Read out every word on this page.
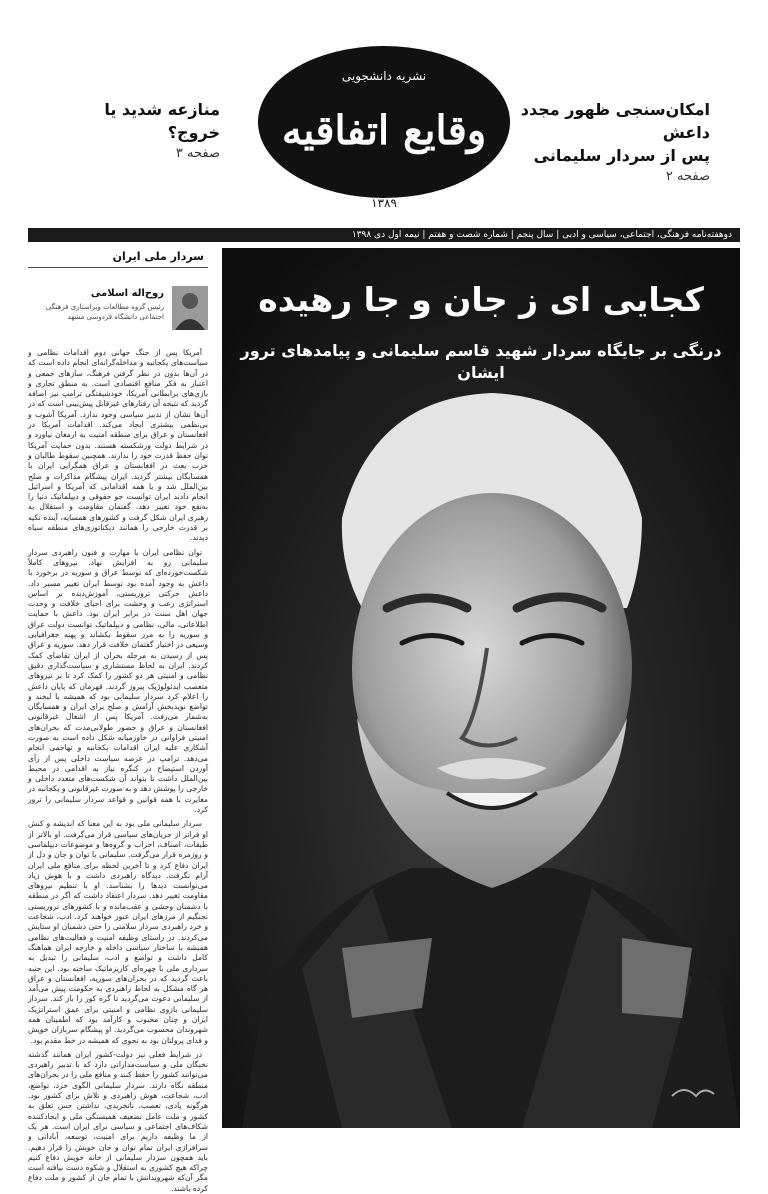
منازعه شدید یا خروج؟
صفحه ۳
نشریه دانشجویی
وقایع اتفاقیه
۱۳۸۹
امکان‌سنجی ظهور مجدد داعش
پس از سردار سلیمانی
صفحه ۲
دوهفته‌نامه فرهنگی، اجتماعی، سیاسی و ادبی | سال پنجم | شماره شصت و هفتم | نیمه اول دی ۱۳۹۸
سردار ملی ایران
روح‌اله اسلامی
رئیس گروه مطالعات ویراستاری فرهنگی اجتماعی دانشگاه فردوسی مشهد

آمریکا پس از جنگ جهانی دوم اقدامات نظامی و سیاست‌های یکجانبه و مداخله‌گرانه‌ای انجام داده است که در آن‌ها بدون در نظر گرفتن فرهنگ، سازهای جمعی و اعتبار به فکر منافع اقتصادی است. به منطق تجاری و بازی‌های برابطانی آمریکا، خودشیفتگی ترامپ نیز اضافه گردید که نتیجه آن رفتارهای غیرقابل پیش‌بینی است که در آن‌ها نشان از تدبیر سیاسی وجود ندارد. آمریکا آشوب و بی‌نظمی بیشتری ایجاد می‌کند. اقدامات آمریکا در افغانستان و عراق برای منطقه امنیت به ارمغان نیاورد و در شرایط دولت ورشکسته هستند. بدون حمایت آمریکا توان حفظ قدرت خود را ندارند. همچنین سقوط طالبان و حزب بعث در افغانستان و عراق همگرایی ایران با همسایگان بیشتر گردید. ایران پیشگام مذاکرات و صلح بین‌الملل شد و با همه اقداماتی که آمریکا و اسرائیل انجام دادند ایران توانست جو حقوقی و دیپلماتیک دنیا را به‌نفع خود تغییر دهد. گفتمان مقاومت و استقلال به رهبری ایران شکل گرفت و کشورهای همسایه، آینده تکیه بر قدرت خارجی را همانند دیکتاتوری‌های منطقه سیاه دیدند.

توان نظامی ایران با مهارت و فنون راهبردی سردار سلیمانی رو به افزایش نهاد. نیروهای کاملاً شکست‌خورده‌ای که توسط عراق و سوریه در برخورد با داعش به وجود آمده بود توسط ایران تغییر مسیر داد. داعش حرکتی تروریستی، آموزش‌دیده بر اساس استراتژی رعب و وحشت برای احیای خلافت و وحدت جهان اهل سنت در برابر ایران بود. داعش با حمایت اطلاعاتی، مالی، نظامی و دیپلماتیک توانست دولت عراق و سوریه را به مرز سقوط بکشاند و پهنه جغرافیایی وسیعی در اختیار گفتمان خلافت قرار دهد. سوریه و عراق پس از رسیدن به مرحله بحران از ایران تقاضای کمک کردند. ایران به لحاظ مستشاری و سیاست‌گذاری دقیق نظامی و امنیتی هر دو کشور را کمک کرد تا بر نیروهای متعصب ایدئولوژیک پیروز گردند. قهرمان که پایان داعش را اعلام کرد سردار سلیمانی بود که همیشه با لبخند و تواضع نویدبخش آرامش و صلح برای ایران و همسایگان به‌شمار می‌رفت. آمریکا پس از اشغال غیرقانونی افغانستان و عراق و حضور طولانی‌مدت که بحران‌های امنیتی فراوانی در خاورمیانه شکل داده است به صورت آشکاری علیه ایران اقدامات یکجانبه و تهاجمی انجام می‌دهد. ترامپ در عرصه سیاست داخلی پس از رأی آوردن استیضاح در کنگره نیاز به اقدامی در محیط بین‌الملل داشت تا بتواند آن شکست‌های متعدد داخلی و خارجی را پوشش دهد و به صورت غیرقانونی و یکجانبه در مغایرت با همه قوانین و قواعد سردار سلیمانی را ترور کرد.

سردار سلیمانی ملی بود به این معنا که اندیشه و کنش او فراتر از جریان‌های سیاسی قرار می‌گرفت. او بالاتر از طبقات، اصناف، احزاب و گروه‌ها و موضوعات دیپلماسی و روزمره قرار می‌گرفت. سلیمانی با توان و جان و دل از ایران دفاع کرد و تا آخرین لحظه برای منافع ملی ایران آرام نگرفت. دیدگاه راهبردی داشت و با هوش زیاد می‌توانست دیدها را بشناسد. او با تنظیم نیروهای مقاومت تغییر دهد. سردار اعتقاد داشت که اگر در منطقه با دشمنان وحشی و عقب‌مانده و با کشورهای تروریستی نجنگیم از مرزهای ایران عبور خواهند کرد. ادب، شجاعت و خرد راهبردی سردار سلامتی را حتی دشمنان او ستایش می‌کردند. در راستای وظیفه امنیت و فعالیت‌های نظامی همیشه با ساختار سیاسی داخله و خارجه ایران هماهنگ کامل داشت و تواضع و ادب، سلیمانی را تبدیل به سرداری ملی با چهره‌ای کاریزماتیک ساخته بود. این جنبه باعث گردید که در بحران‌های سوریه، افغانستان و عراق هر گاه مشکل به لحاظ راهبردی به حکومت پیش می‌آمد از سلیمانی دعوت می‌گردید تا گره کور را باز کند. سردار سلیمانی بازوی نظامی و امنیتی برای عمق استراتژیک ایران و چنان محبوب و کاراَمد بود که اطمینان همه شهروندان محسوب می‌گردید. او پیشگام سربازان خویش و فدای پرولتان بود به نحوی که همیشه در خط مقدم بود.

در شرایط فعلی نیز دولت-کشور ایران همانند گذشته نخبگان ملی و سیاست‌مدارانی دارد که با تدبیر راهبردی می‌توانند کشور را حفظ کنند و منافع ملی را در بحران‌های منطقه نگاه دارند. سردار سلیمانی الگوی خرد، تواضع، ادب، شجاعت، هوش راهبردی و تلاش برای کشور بود. هرگونه پادی، تعصب، ناتخریدی، نداشتن حس تعلق به کشور و ملت عامل تضعیف همبستگی ملی و ایجادکننده شکاف‌های اجتماعی و سیاسی برای ایران است. هر یک از ما وظیفه داریم برای امنیت، توسعه، آبادانی و سرافرازی ایران تمام توان و جان خویش را قرار دهیم. باید همچون سردار سلیمانی از خانه خویش دفاع کنیم چراکه هیچ کشوری به استقلال و شکوه دست نیافته است مگر آن‌که شهروندانش با تمام جان از کشور و ملت دفاع کرده باشند.

کجایی ای ز جان و جا رهیده
درنگی بر جایگاه سردار شهید قاسم سلیمانی و پیامدهای ترور ایشان
